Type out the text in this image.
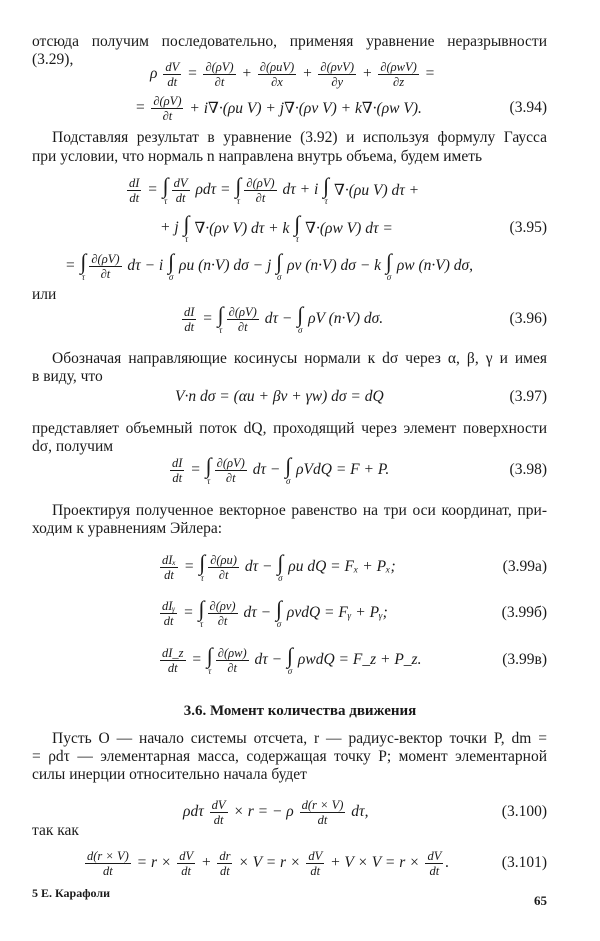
отсюда получим последовательно, применяя уравнение неразрывности (3.29),
ρ $\frac{dV}{dt} = \frac{\partial(\rho V)}{\partial t} + \partial(\rho uV)$
∂x + ∂(ρvV)
∂y + ∂(ρwV)
∂z =
= $\frac{\partial(\rho V)}{\partial t} + i\nabla\cdot(\rho u$ V) + j∇·(ρv V) + k∇·(ρw V).	(3.94)
Подставляя результат в уравнение (3.92) и используя формулу Гаусса
при условии, что нормаль n направлена внутрь объема, будем иметь
$\frac{dI}{dt}$ = ∫
τ $\frac{dV}{dt}$ ρdτ = ∫
τ $\frac{\partial(\rho V)}{\partial t}$ dτ + i ∫
τ
∇·(ρu V) dτ +
+ j ∫
τ
∇·(ρv V) dτ + k ∫
τ
∇·(ρw V) dτ =	(3.95)
= ∫
τ $\frac{\partial(\rho V)}{\partial t}$ dτ − i ∫
σ
ρu (n·V) dσ − j ∫
σ
ρv (n·V) dσ − k ∫
σ
ρw (n·V) dσ,
или
$\frac{dI}{dt}$ = ∫
τ $\frac{\partial(\rho V)}{\partial t}$ dτ − ∫
σ
ρV (n·V) dσ.	(3.96)
Обозначая направляющие косинусы нормали к dσ через α, β, γ и имея
в виду, что
V·n dσ = (αu + βv + γw) dσ = dQ	(3.97)
представляет объемный поток dQ, проходящий через элемент поверхности
dσ, получим
$\frac{dI}{dt}$ = ∫
τ $\frac{\partial(\rho V)}{\partial t}$ dτ − ∫
σ
ρVdQ = F + P.	(3.98)
Проектируя полученное векторное равенство на три оси координат, при-
ходим к уравнениям Эйлера:
dIₓ
dt = ∫
τ $\frac{\partial(\rho u)}{\partial t}$ dτ − ∫
σ
ρu dQ = Fₓ + Pₓ;	(3.99а)
dIᵧ
dt = ∫
τ $\frac{\partial(\rho v)}{\partial t}$ dτ − ∫
σ
ρvdQ = Fᵧ + Pᵧ;	(3.99б)
$\frac{dI\_z}{dt}$ = ∫
τ $\frac{\partial(\rho w)}{\partial t}$ dτ − ∫
σ
ρwdQ = F_z + P_z.	(3.99в)
3.6. Момент количества движения
Пусть O — начало системы отсчета, r — радиус-вектор точки P, dm =
= ρdτ — элементарная масса, содержащая точку P; момент элементарной
силы инерции относительно начала будет
ρdτ $\frac{dV}{dt} \times r$ = − ρ $\frac{d(r \times V)}{dt} d\tau$,	(3.100)
так как
$\frac{d(r \times V)}{dt} = r \times \frac{dV}{dt} + \frac{dr}{dt} \times V = r \times \frac{dV}{dt} + V \times V = r \times \frac{dV}{dt}$ .	(3.101)
5 Е. Карафоли	65
